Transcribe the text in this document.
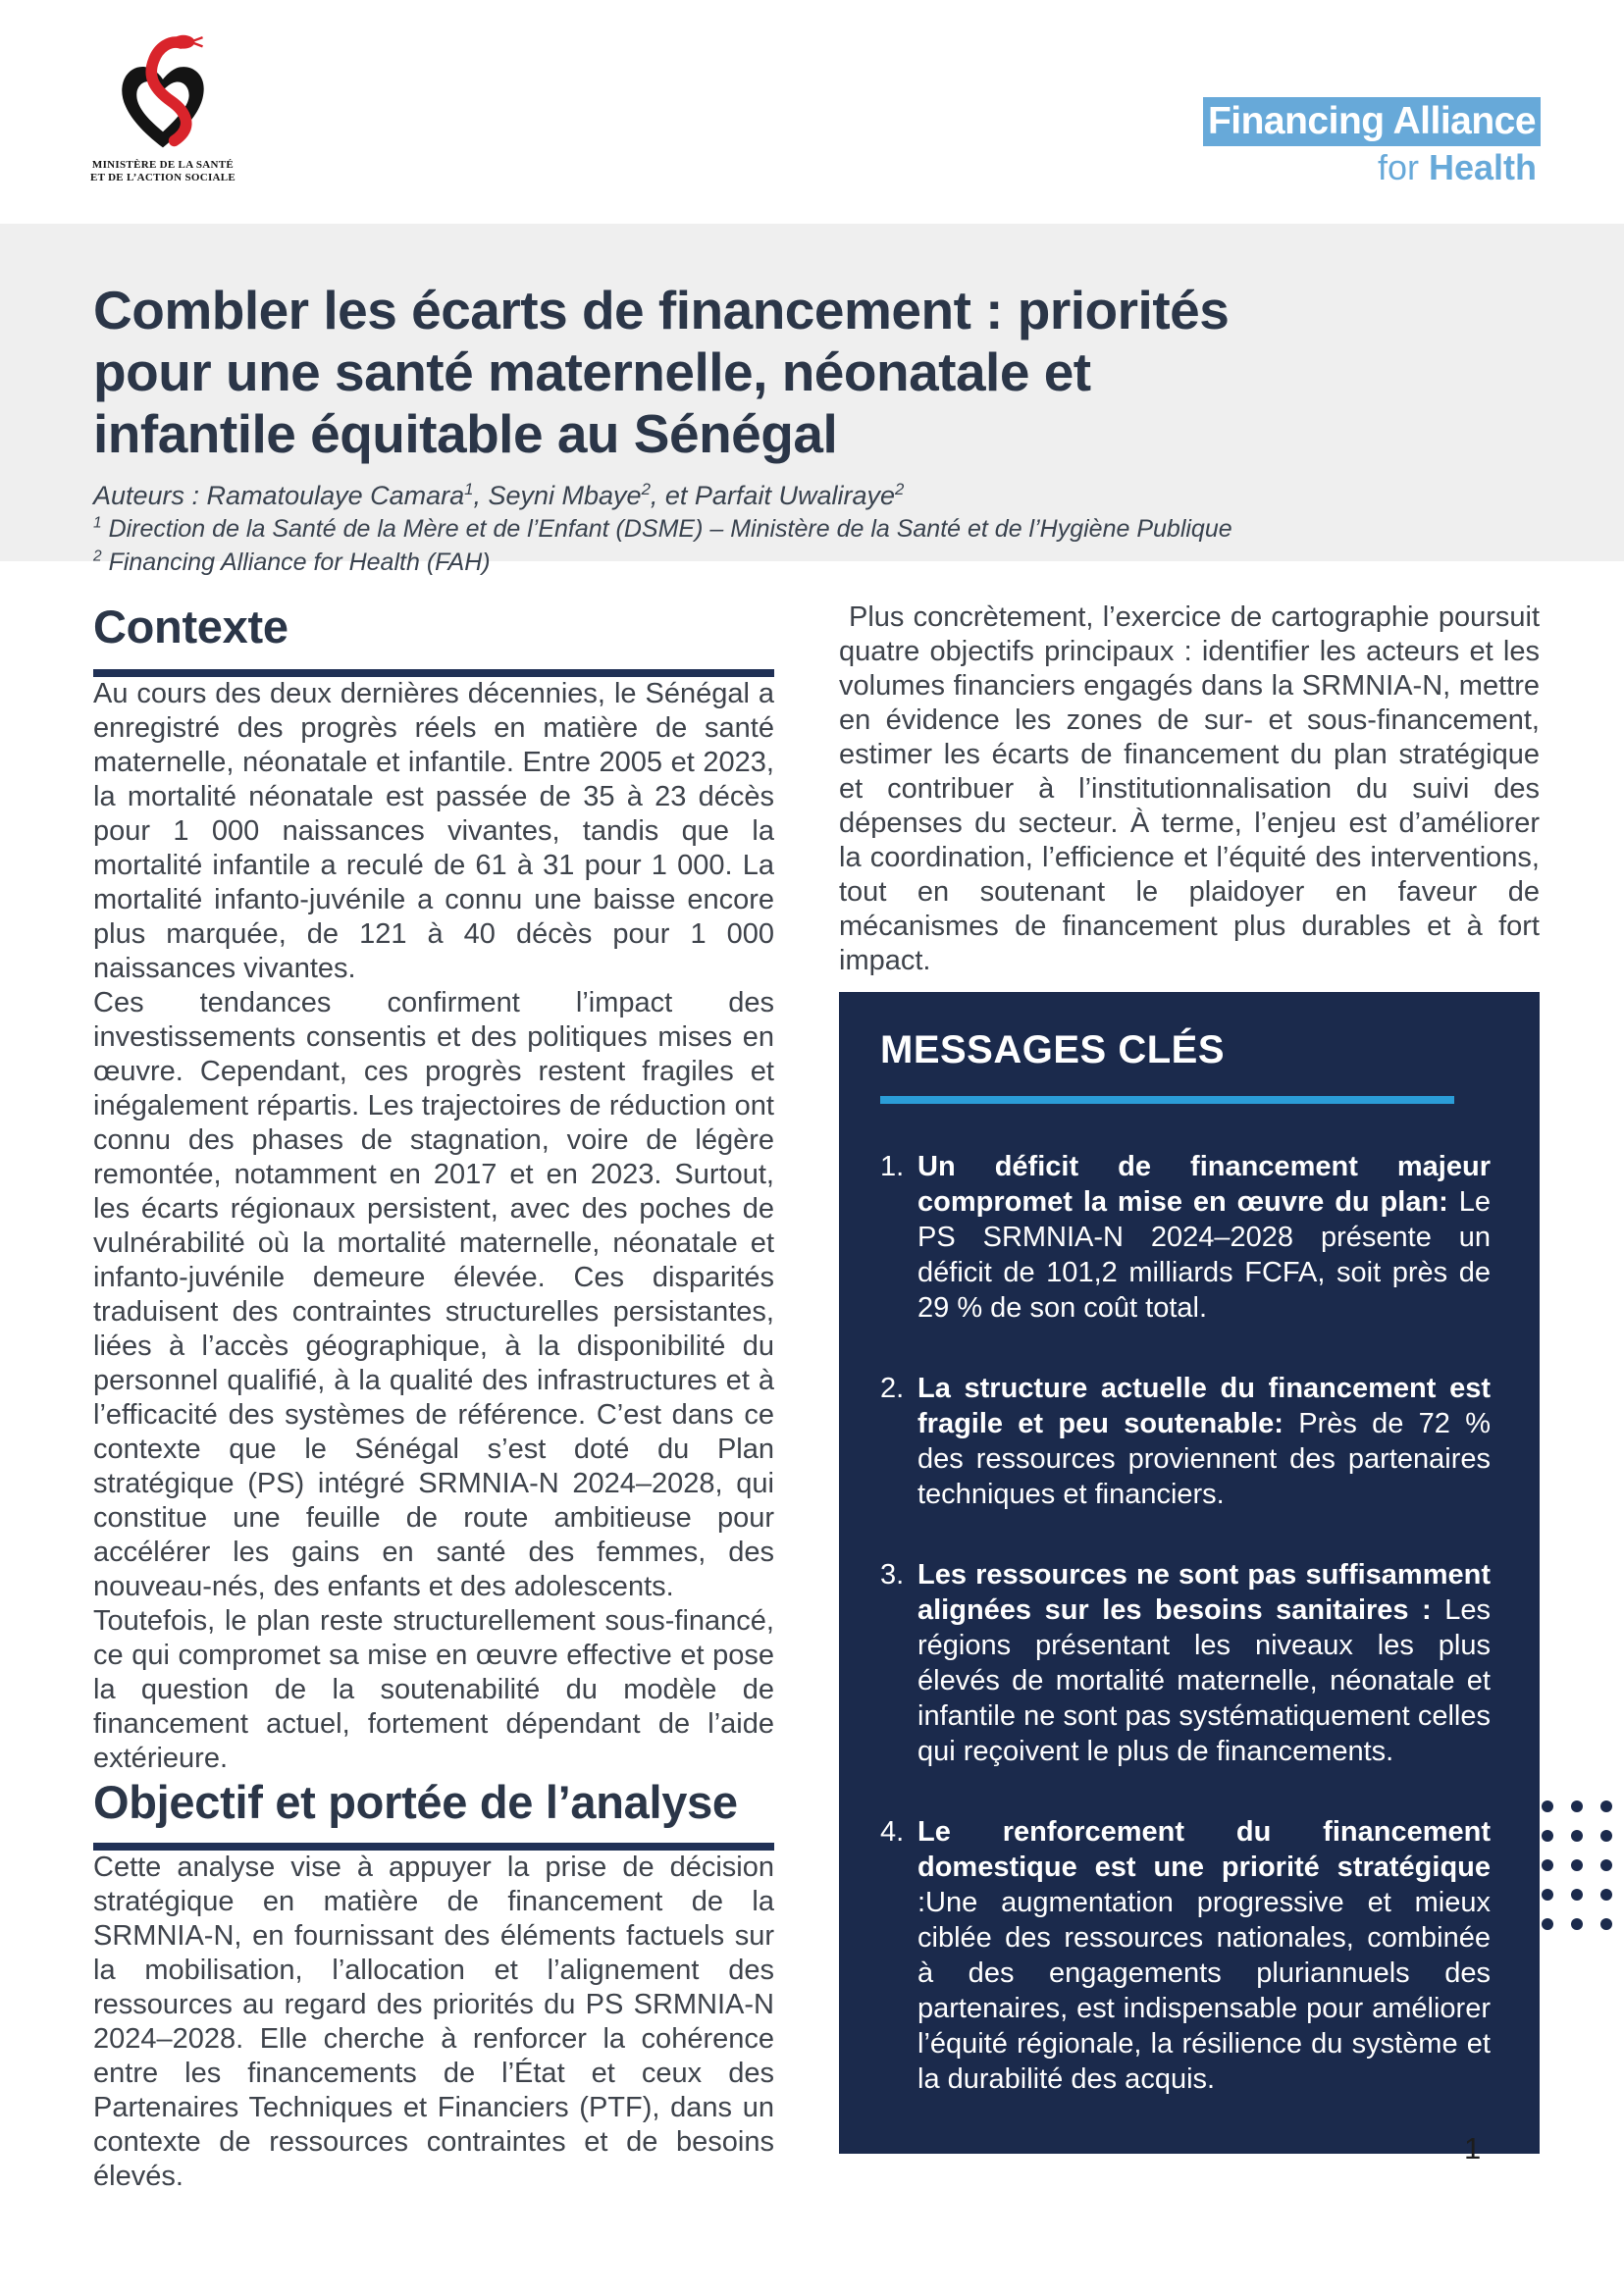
MINISTÈRE DE LA SANTÉ
ET DE L’ACTION SOCIALE
Financing Alliance
for Health
Combler les écarts de financement : priorités
pour une santé maternelle, néonatale et
infantile équitable au Sénégal

Auteurs : Ramatoulaye Camara$^1$, Seyni Mbaye$^2$, et Parfait Uwaliraye$^2$

$^1$ Direction de la Santé de la Mère et de l’Enfant (DSME) – Ministère de la Santé et de l’Hygiène Publique

$^2$ Financing Alliance for Health (FAH)

Contexte

Au cours des deux dernières décennies, le Sénégal a enregistré des progrès réels en matière de santé maternelle, néonatale et infantile. Entre 2005 et 2023, la mortalité néonatale est passée de 35 à 23 décès pour 1 000 naissances vivantes, tandis que la mortalité infantile a reculé de 61 à 31 pour 1 000. La mortalité infanto-juvénile a connu une baisse encore plus marquée, de 121 à 40 décès pour 1 000 naissances vivantes.

Ces tendances confirment l’impact des investissements consentis et des politiques mises en œuvre. Cependant, ces progrès restent fragiles et inégalement répartis. Les trajectoires de réduction ont connu des phases de stagnation, voire de légère remontée, notamment en 2017 et en 2023. Surtout, les écarts régionaux persistent, avec des poches de vulnérabilité où la mortalité maternelle, néonatale et infanto-juvénile demeure élevée. Ces disparités traduisent des contraintes structurelles persistantes, liées à l’accès géographique, à la disponibilité du personnel qualifié, à la qualité des infrastructures et à l’efficacité des systèmes de référence. C’est dans ce contexte que le Sénégal s’est doté du Plan stratégique (PS) intégré SRMNIA-N 2024–2028, qui constitue une feuille de route ambitieuse pour accélérer les gains en santé des femmes, des nouveau-nés, des enfants et des adolescents.

Toutefois, le plan reste structurellement sous-financé, ce qui compromet sa mise en œuvre effective et pose la question de la soutenabilité du modèle de financement actuel, fortement dépendant de l’aide extérieure.

Objectif et portée de l’analyse

Cette analyse vise à appuyer la prise de décision stratégique en matière de financement de la SRMNIA-N, en fournissant des éléments factuels sur la mobilisation, l’allocation et l’alignement des ressources au regard des priorités du PS SRMNIA-N 2024–2028. Elle cherche à renforcer la cohérence entre les financements de l’État et ceux des Partenaires Techniques et Financiers (PTF), dans un contexte de ressources contraintes et de besoins élevés.

Plus concrètement, l’exercice de cartographie poursuit quatre objectifs principaux : identifier les acteurs et les volumes financiers engagés dans la SRMNIA-N, mettre en évidence les zones de sur- et sous-financement, estimer les écarts de financement du plan stratégique et contribuer à l’institutionnalisation du suivi des dépenses du secteur. À terme, l’enjeu est d’améliorer la coordination, l’efficience et l’équité des interventions, tout en soutenant le plaidoyer en faveur de mécanismes de financement plus durables et à fort impact.

MESSAGES CLÉS
1. Un déficit de financement majeur compromet la mise en œuvre du plan: Le PS SRMNIA-N 2024–2028 présente un déficit de 101,2 milliards FCFA, soit près de 29 % de son coût total.
2. La structure actuelle du financement est fragile et peu soutenable: Près de 72 % des ressources proviennent des partenaires techniques et financiers.
3. Les ressources ne sont pas suffisamment alignées sur les besoins sanitaires : Les régions présentant les niveaux les plus élevés de mortalité maternelle, néonatale et infantile ne sont pas systématiquement celles qui reçoivent le plus de financements.
4. Le renforcement du financement domestique est une priorité stratégique :Une augmentation progressive et mieux ciblée des ressources nationales, combinée à des engagements pluriannuels des partenaires, est indispensable pour améliorer l’équité régionale, la résilience du système et la durabilité des acquis.
1
